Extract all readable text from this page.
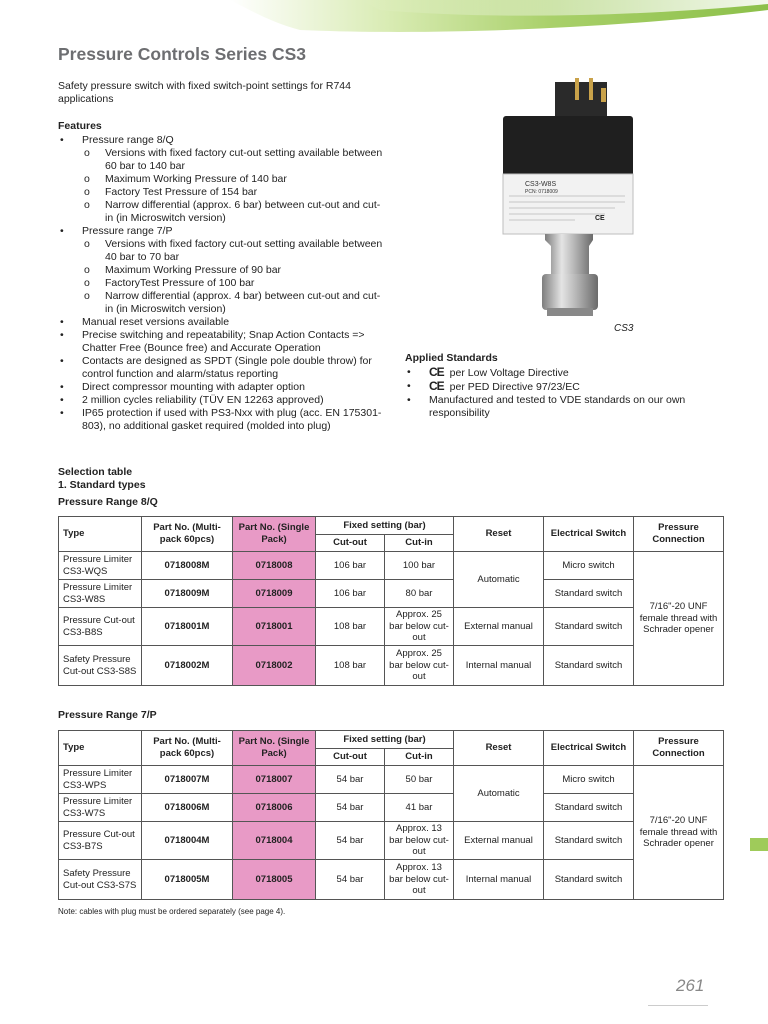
Pressure Controls Series CS3
Safety pressure switch with fixed switch-point settings for R744 applications
Features
• Pressure range 8/Q
o Versions with fixed factory cut-out setting available between 60 bar to 140 bar
o Maximum Working Pressure of 140 bar
o Factory Test Pressure of 154 bar
o Narrow differential (approx. 6 bar) between cut-out and cut-in (in Microswitch version)
• Pressure range 7/P
o Versions with fixed factory cut-out setting available between 40 bar to 70 bar
o Maximum Working Pressure of 90 bar
o FactoryTest Pressure of 100 bar
o Narrow differential (approx. 4 bar) between cut-out and cut-in (in Microswitch version)
• Manual reset versions available
• Precise switching and repeatability; Snap Action Contacts => Chatter Free (Bounce free) and Accurate Operation
• Contacts are designed as SPDT (Single pole double throw) for control function and alarm/status reporting
• Direct compressor mounting with adapter option
• 2 million cycles reliability (TÜV EN 12263 approved)
• IP65 protection if used with PS3-Nxx with plug (acc. EN 175301-803), no additional gasket required (molded into plug)
CS3-W8S
PCN: 0718009
CE
CS3
Applied Standards
• CE per Low Voltage Directive
• CE per PED Directive 97/23/EC
• Manufactured and tested to VDE standards on our own responsibility
Selection table
1. Standard types
Pressure Range 8/Q
Type	Part No. (Multi-pack 60pcs)	Part No. (Single Pack)	Fixed setting (bar)		Reset	Electrical Switch	Pressure Connection
			Cut-out	Cut-in			
Pressure Limiter CS3-WQS	0718008M	0718008	106 bar	100 bar	Automatic	Micro switch	7/16"-20 UNF female thread with Schrader opener
Pressure Limiter CS3-W8S	0718009M	0718009	106 bar	80 bar		Standard switch	
Pressure Cut-out CS3-B8S	0718001M	0718001	108 bar	Approx. 25 bar below cut-out	External manual	Standard switch	
Safety Pressure Cut-out CS3-S8S	0718002M	0718002	108 bar	Approx. 25 bar below cut-out	Internal manual	Standard switch	
Pressure Range 7/P
Type	Part No. (Multi-pack 60pcs)	Part No. (Single Pack)	Fixed setting (bar)		Reset	Electrical Switch	Pressure Connection
			Cut-out	Cut-in			
Pressure Limiter CS3-WPS	0718007M	0718007	54 bar	50 bar	Automatic	Micro switch	7/16"-20 UNF female thread with Schrader opener
Pressure Limiter CS3-W7S	0718006M	0718006	54 bar	41 bar		Standard switch	
Pressure Cut-out CS3-B7S	0718004M	0718004	54 bar	Approx. 13 bar below cut-out	External manual	Standard switch	
Safety Pressure Cut-out CS3-S7S	0718005M	0718005	54 bar	Approx. 13 bar below cut-out	Internal manual	Standard switch	
Note: cables with plug must be ordered separately (see page 4).
261
